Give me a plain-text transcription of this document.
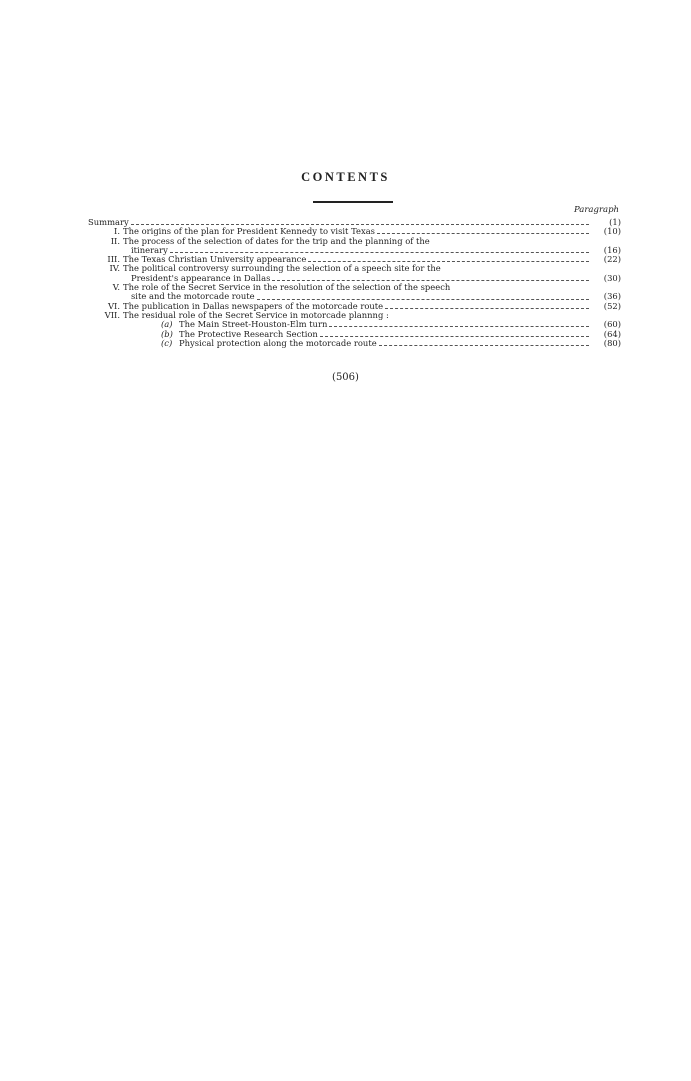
CONTENTS
Paragraph
Summary	(1)
I. The origins of the plan for President Kennedy to visit Texas	(10)
II. The process of the selection of dates for the trip and the planning of the
itinerary	(16)
III. The Texas Christian University appearance	(22)
IV. The political controversy surrounding the selection of a speech site for the
President's appearance in Dallas	(30)
V. The role of the Secret Service in the resolution of the selection of the speech
site and the motorcade route	(36)
VI. The publication in Dallas newspapers of the motorcade route	(52)
VII. The residual role of the Secret Service in motorcade plannng :
(a) The Main Street-Houston-Elm turn	(60)
(b) The Protective Research Section	(64)
(c) Physical protection along the motorcade route	(80)
(506)
